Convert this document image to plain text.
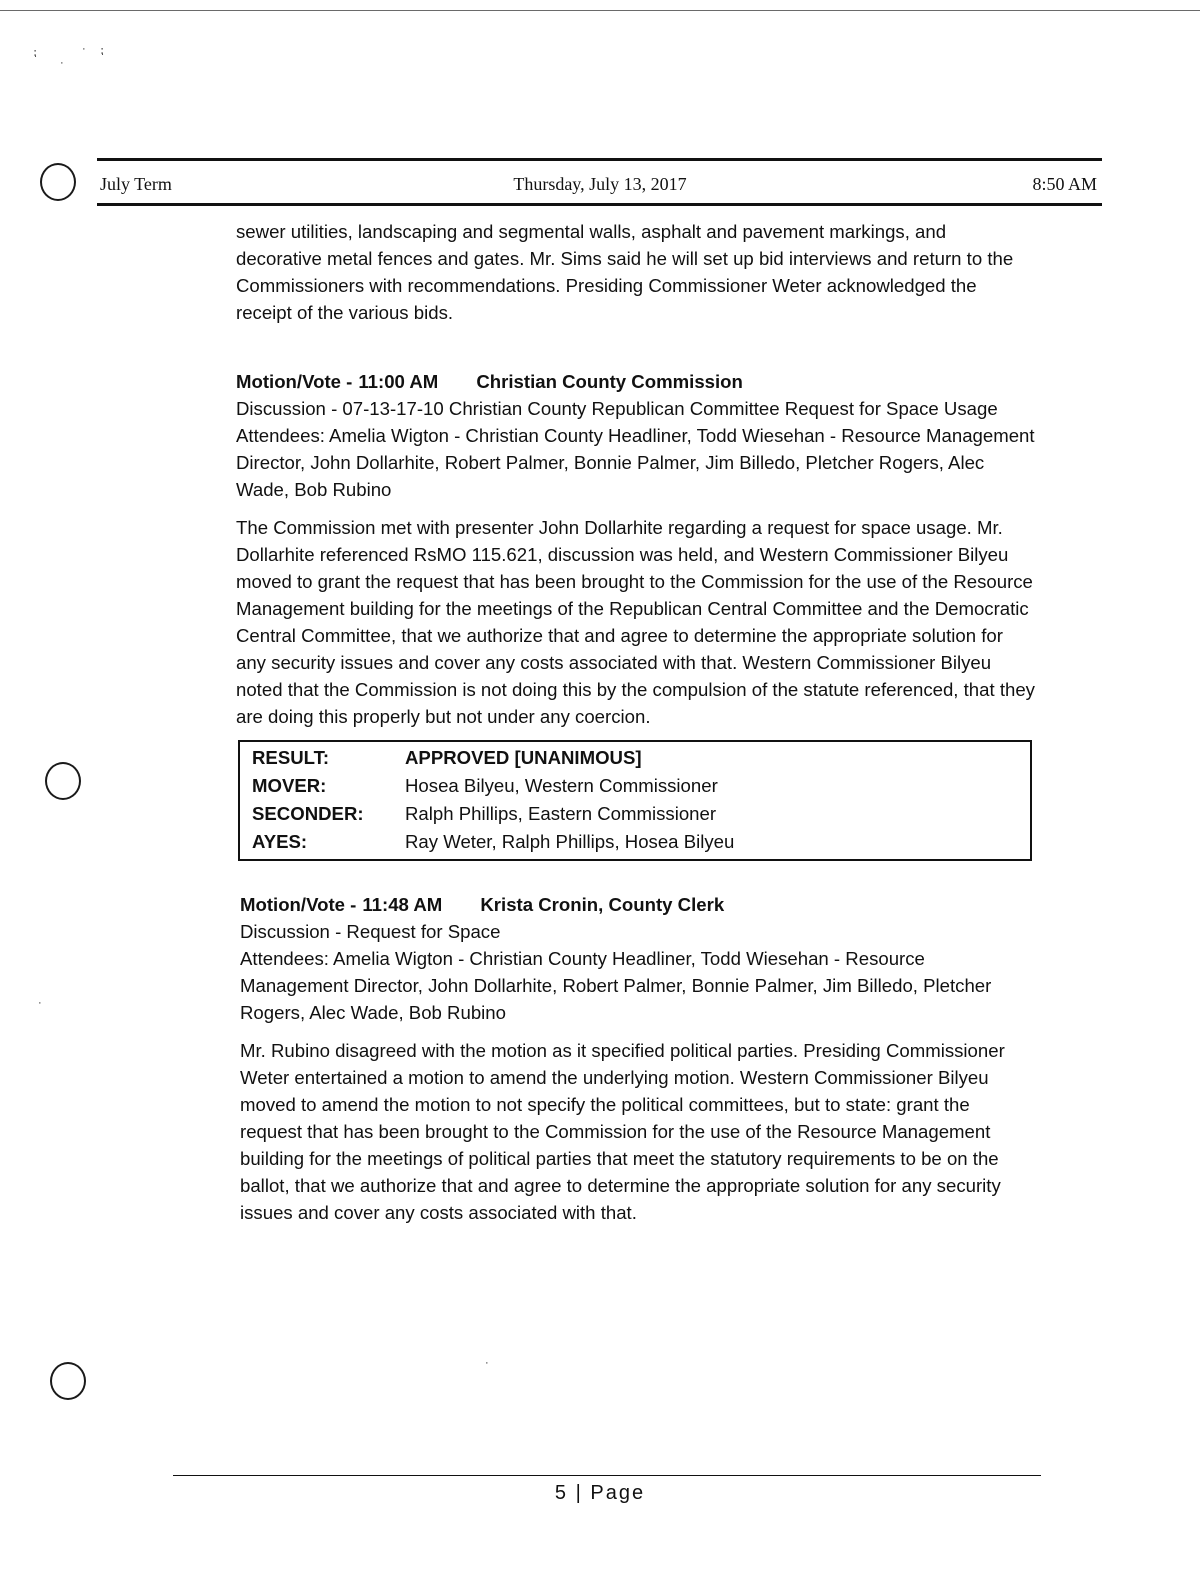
⁏
·
· ⁏
·
·
July Term	Thursday, July 13, 2017	8:50 AM

sewer utilities, landscaping and segmental walls, asphalt and pavement markings, and decorative metal fences and gates. Mr. Sims said he will set up bid interviews and return to the Commissioners with recommendations. Presiding Commissioner Weter acknowledged the receipt of the various bids.

Motion/Vote - 11:00 AM Christian County Commission

Discussion - 07-13-17-10 Christian County Republican Committee Request for Space Usage

Attendees: Amelia Wigton - Christian County Headliner, Todd Wiesehan - Resource Management Director, John Dollarhite, Robert Palmer, Bonnie Palmer, Jim Billedo, Pletcher Rogers, Alec Wade, Bob Rubino

The Commission met with presenter John Dollarhite regarding a request for space usage. Mr. Dollarhite referenced RsMO 115.621, discussion was held, and Western Commissioner Bilyeu moved to grant the request that has been brought to the Commission for the use of the Resource Management building for the meetings of the Republican Central Committee and the Democratic Central Committee, that we authorize that and agree to determine the appropriate solution for any security issues and cover any costs associated with that. Western Commissioner Bilyeu noted that the Commission is not doing this by the compulsion of the statute referenced, that they are doing this properly but not under any coercion.

RESULT:	APPROVED [UNANIMOUS]
MOVER:	Hosea Bilyeu, Western Commissioner
SECONDER:	Ralph Phillips, Eastern Commissioner
AYES:	Ray Weter, Ralph Phillips, Hosea Bilyeu

Motion/Vote - 11:48 AM Krista Cronin, County Clerk

Discussion - Request for Space

Attendees: Amelia Wigton - Christian County Headliner, Todd Wiesehan - Resource Management Director, John Dollarhite, Robert Palmer, Bonnie Palmer, Jim Billedo, Pletcher Rogers, Alec Wade, Bob Rubino

Mr. Rubino disagreed with the motion as it specified political parties. Presiding Commissioner Weter entertained a motion to amend the underlying motion. Western Commissioner Bilyeu moved to amend the motion to not specify the political committees, but to state: grant the request that has been brought to the Commission for the use of the Resource Management building for the meetings of political parties that meet the statutory requirements to be on the ballot, that we authorize that and agree to determine the appropriate solution for any security issues and cover any costs associated with that.

5 | Page
